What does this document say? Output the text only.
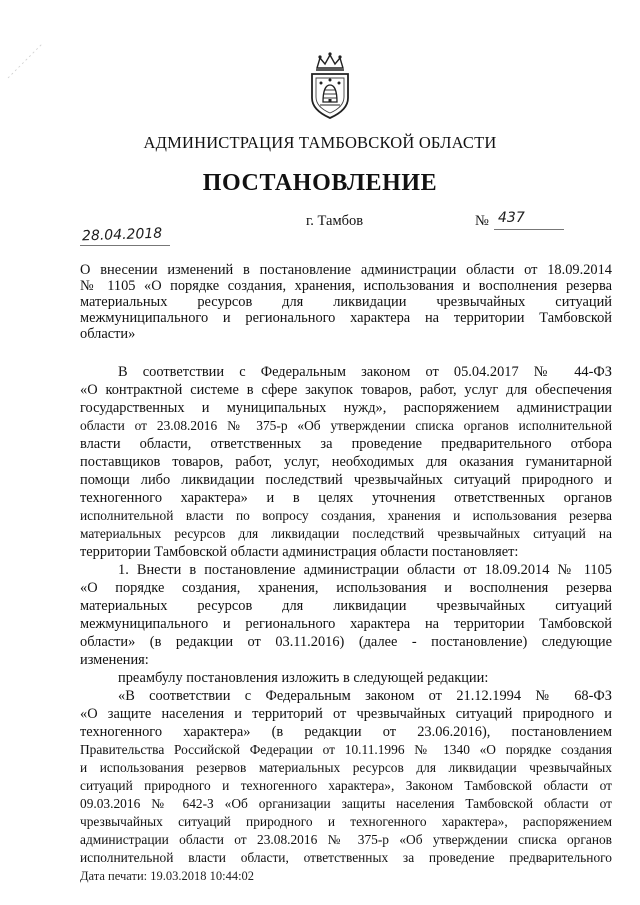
АДМИНИСТРАЦИЯ ТАМБОВСКОЙ ОБЛАСТИ
ПОСТАНОВЛЕНИЕ
28.04.2018
г. Тамбов	№ 437
О внесении изменений в постановление администрации области от 18.09.2014
№ 1105 «О порядке создания, хранения, использования и восполнения резерва
материальных ресурсов для ликвидации чрезвычайных ситуаций
межмуниципального и регионального характера на территории Тамбовской
области»
В соответствии с Федеральным законом от 05.04.2017 № 44-ФЗ
«О контрактной системе в сфере закупок товаров, работ, услуг для обеспечения
государственных и муниципальных нужд», распоряжением администрации
области от 23.08.2016 № 375-р «Об утверждении списка органов исполнительной
власти области, ответственных за проведение предварительного отбора
поставщиков товаров, работ, услуг, необходимых для оказания гуманитарной
помощи либо ликвидации последствий чрезвычайных ситуаций природного и
техногенного характера» и в целях уточнения ответственных органов
исполнительной власти по вопросу создания, хранения и использования резерва
материальных ресурсов для ликвидации последствий чрезвычайных ситуаций на
территории Тамбовской области администрация области постановляет:
1. Внести в постановление администрации области от 18.09.2014 № 1105
«О порядке создания, хранения, использования и восполнения резерва
материальных ресурсов для ликвидации чрезвычайных ситуаций
межмуниципального и регионального характера на территории Тамбовской
области» (в редакции от 03.11.2016) (далее - постановление) следующие
изменения:
преамбулу постановления изложить в следующей редакции:
«В соответствии с Федеральным законом от 21.12.1994 № 68-ФЗ
«О защите населения и территорий от чрезвычайных ситуаций природного и
техногенного характера» (в редакции от 23.06.2016), постановлением
Правительства Российской Федерации от 10.11.1996 № 1340 «О порядке создания
и использования резервов материальных ресурсов для ликвидации чрезвычайных
ситуаций природного и техногенного характера», Законом Тамбовской области от
09.03.2016 № 642-З «Об организации защиты населения Тамбовской области от
чрезвычайных ситуаций природного и техногенного характера», распоряжением
администрации области от 23.08.2016 № 375-р «Об утверждении списка органов
исполнительной власти области, ответственных за проведение предварительного
Дата печати: 19.03.2018 10:44:02
